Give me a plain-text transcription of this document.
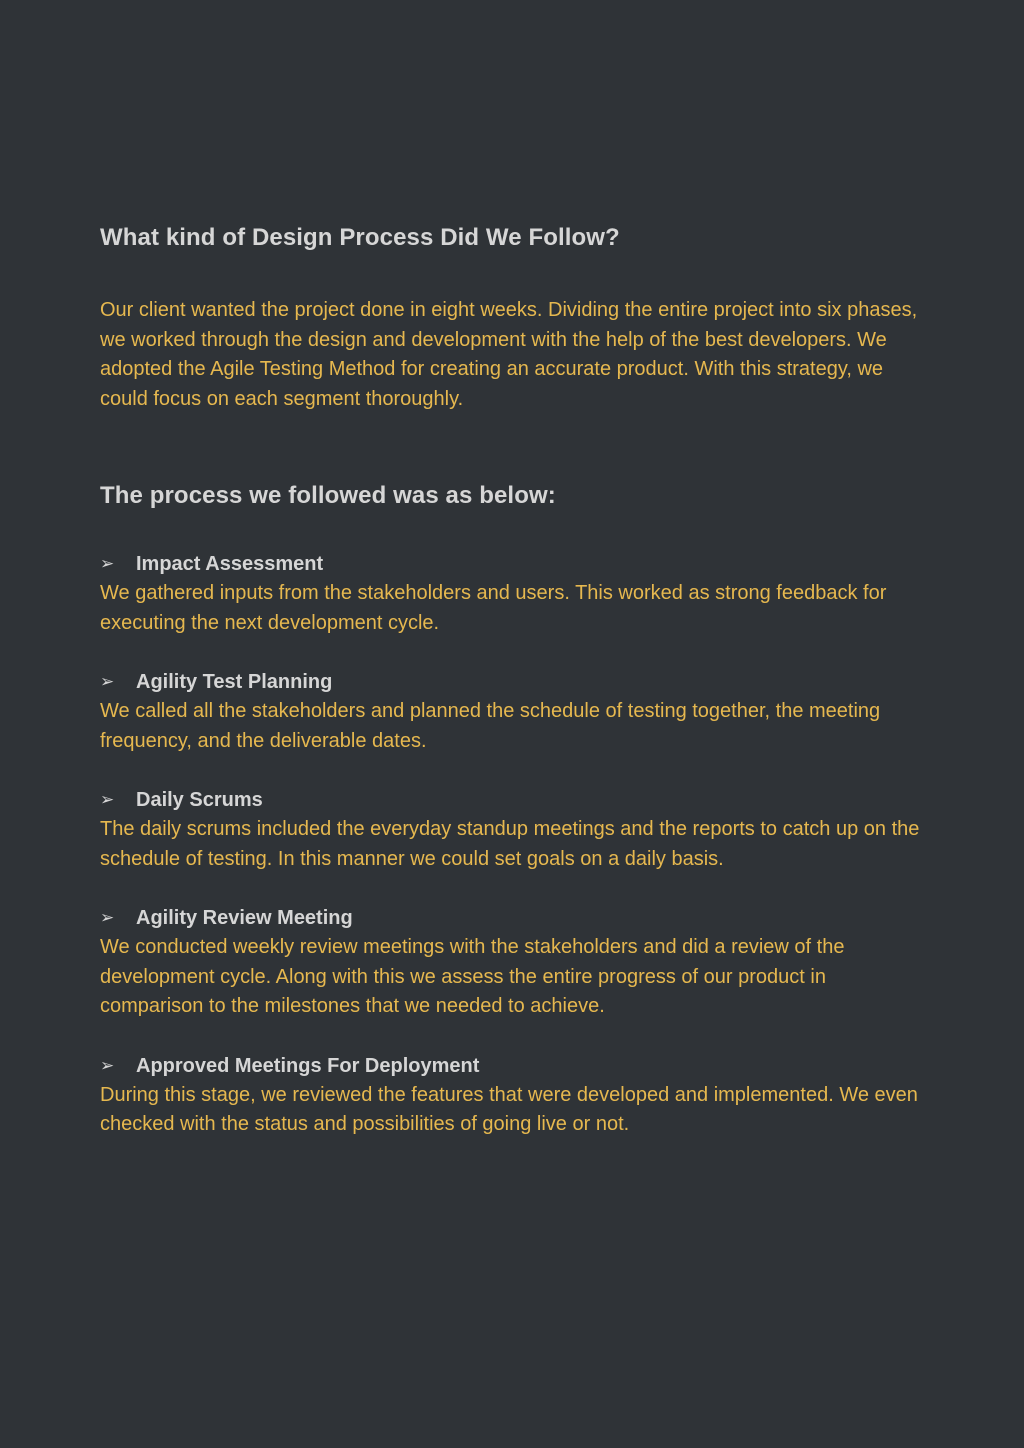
What kind of Design Process Did We Follow?

Our client wanted the project done in eight weeks. Dividing the entire project into six phases, we worked through the design and development with the help of the best developers. We adopted the Agile Testing Method for creating an accurate product. With this strategy, we could focus on each segment thoroughly.

The process we followed was as below:
➢	Impact Assessment

We gathered inputs from the stakeholders and users. This worked as strong feedback for executing the next development cycle.

➢	Agility Test Planning

We called all the stakeholders and planned the schedule of testing together, the meeting frequency, and the deliverable dates.

➢	Daily Scrums

The daily scrums included the everyday standup meetings and the reports to catch up on the schedule of testing. In this manner we could set goals on a daily basis.

➢	Agility Review Meeting

We conducted weekly review meetings with the stakeholders and did a review of the development cycle. Along with this we assess the entire progress of our product in comparison to the milestones that we needed to achieve.

➢	Approved Meetings For Deployment

During this stage, we reviewed the features that were developed and implemented. We even checked with the status and possibilities of going live or not.
